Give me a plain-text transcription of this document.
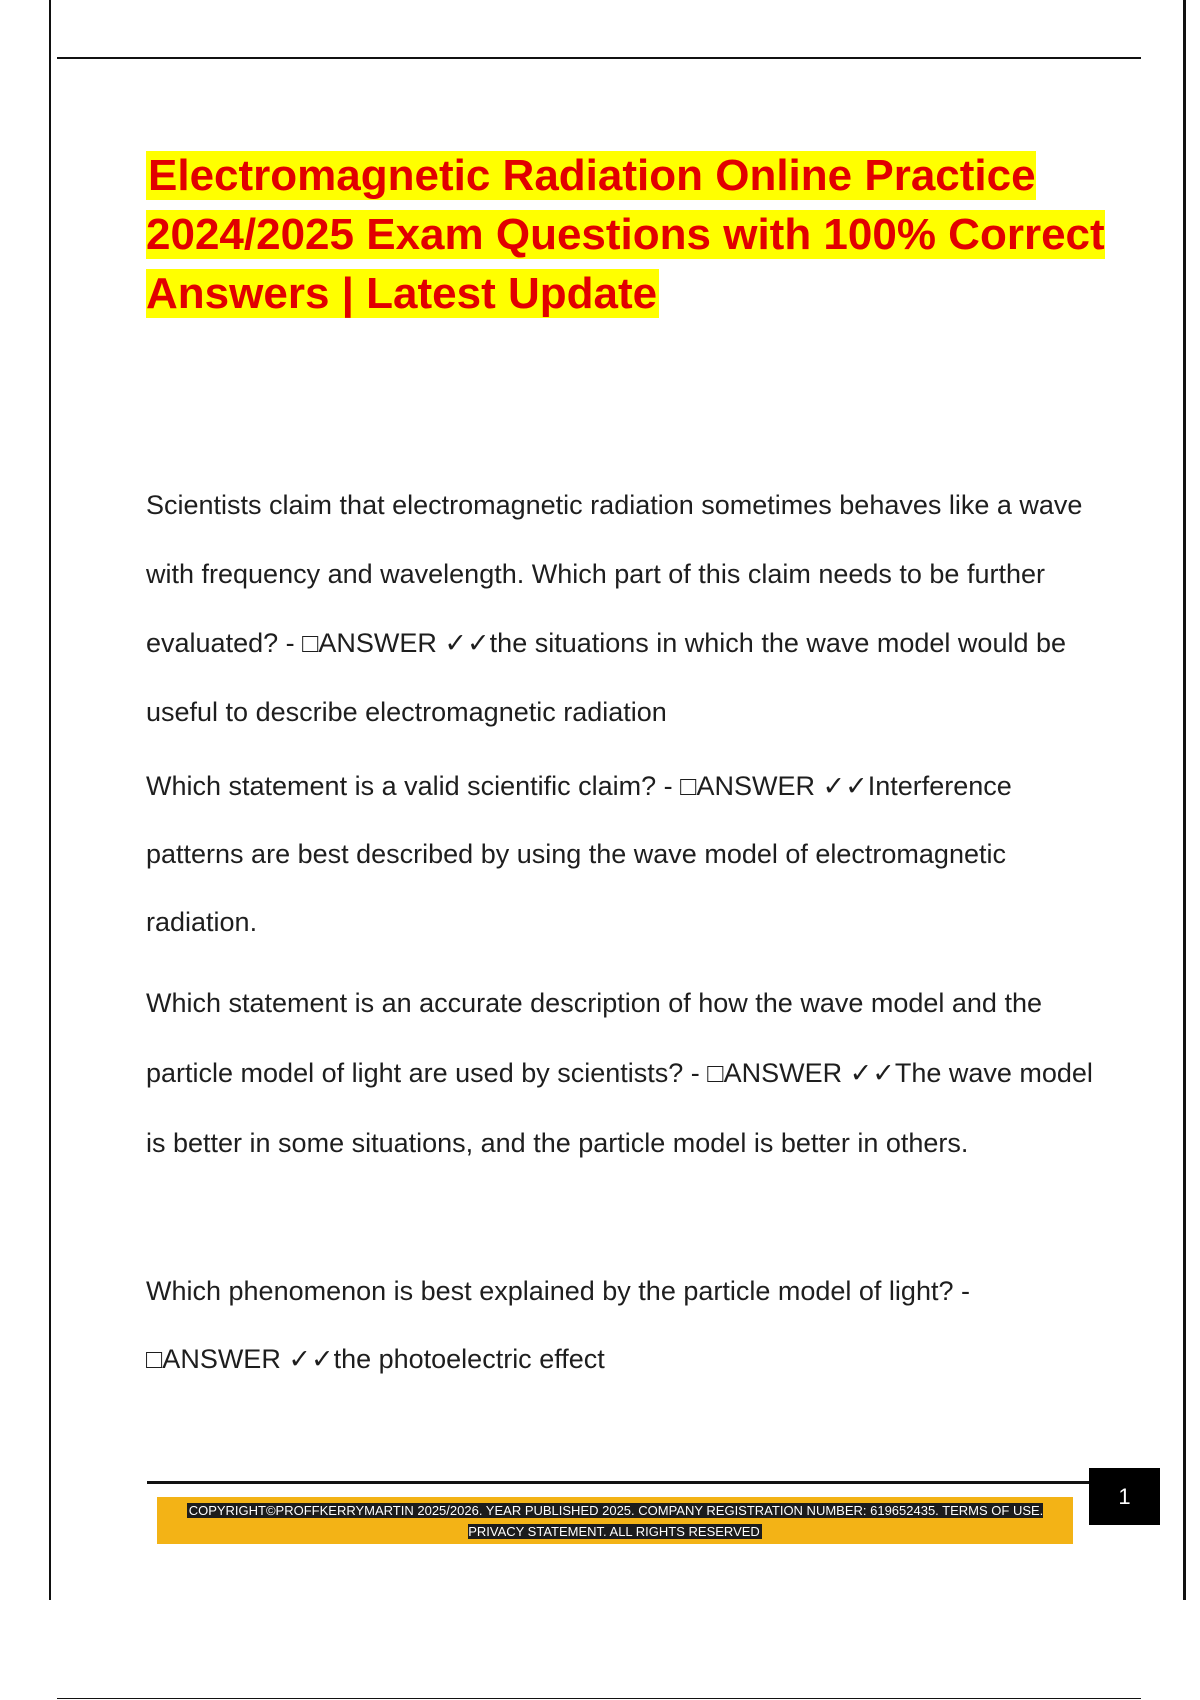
Electromagnetic Radiation Online Practice 2024/2025 Exam Questions with 100% Correct Answers | Latest Update

Scientists claim that electromagnetic radiation sometimes behaves like a wave with frequency and wavelength. Which part of this claim needs to be further evaluated? - □ANSWER ✓✓the situations in which the wave model would be useful to describe electromagnetic radiation

Which statement is a valid scientific claim? - □ANSWER ✓✓Interference patterns are best described by using the wave model of electromagnetic radiation.

Which statement is an accurate description of how the wave model and the particle model of light are used by scientists? - □ANSWER ✓✓The wave model is better in some situations, and the particle model is better in others.

Which phenomenon is best explained by the particle model of light? - □ANSWER ✓✓the photoelectric effect

1

COPYRIGHT©PROFFKERRYMARTIN 2025/2026. YEAR PUBLISHED 2025. COMPANY REGISTRATION NUMBER: 619652435. TERMS OF USE. PRIVACY STATEMENT. ALL RIGHTS RESERVED
